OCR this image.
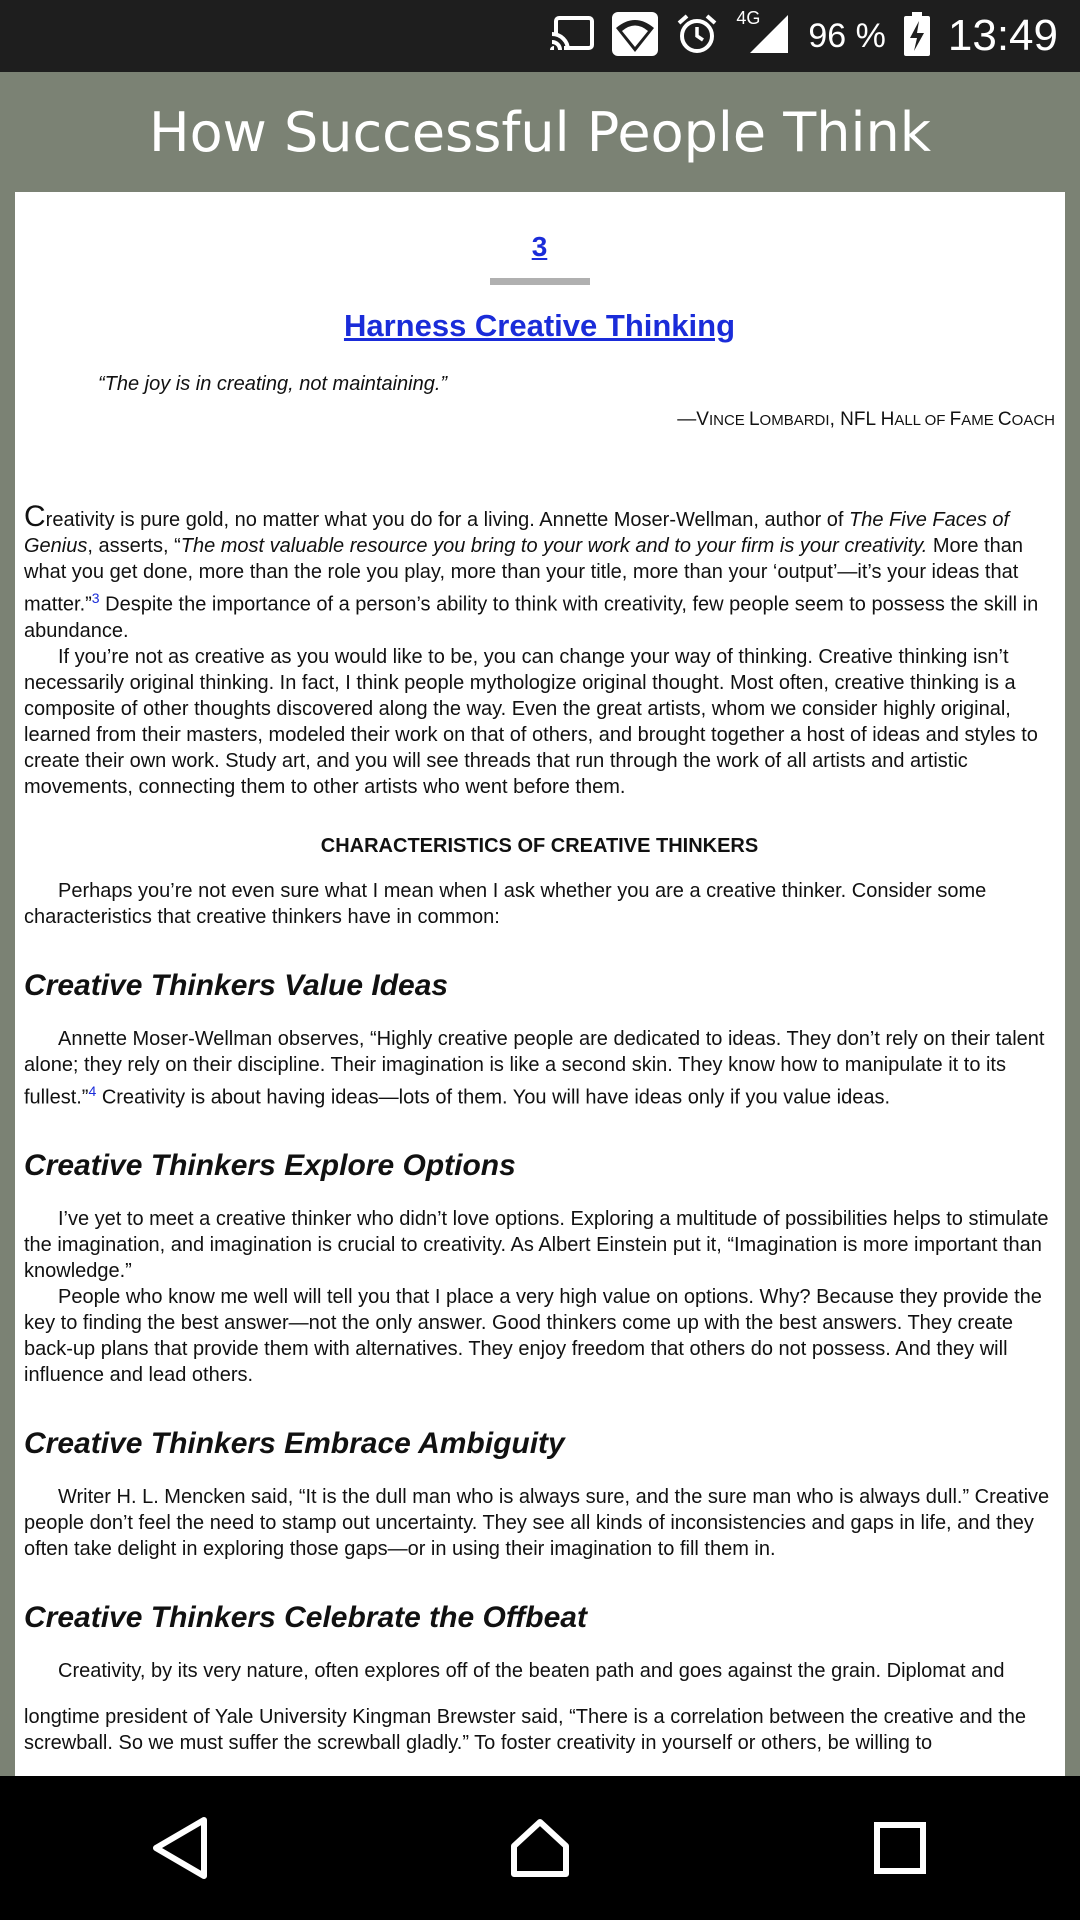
4G 96 % 13:49
How Successful People Think
3
Harness Creative Thinking
“The joy is in creating, not maintaining.”
—VINCE LOMBARDI, NFL HALL OF FAME COACH

Creativity is pure gold, no matter what you do for a living. Annette Moser-Wellman, author of The Five Faces of Genius, asserts, “The most valuable resource you bring to your work and to your firm is your creativity. More than what you get done, more than the role you play, more than your title, more than your ‘output’—it’s your ideas that matter.”$^3$ Despite the importance of a person’s ability to think with creativity, few people seem to possess the skill in abundance.

If you’re not as creative as you would like to be, you can change your way of thinking. Creative thinking isn’t necessarily original thinking. In fact, I think people mythologize original thought. Most often, creative thinking is a composite of other thoughts discovered along the way. Even the great artists, whom we consider highly original, learned from their masters, modeled their work on that of others, and brought together a host of ideas and styles to create their own work. Study art, and you will see threads that run through the work of all artists and artistic movements, connecting them to other artists who went before them.

CHARACTERISTICS OF CREATIVE THINKERS

Perhaps you’re not even sure what I mean when I ask whether you are a creative thinker. Consider some characteristics that creative thinkers have in common:

Creative Thinkers Value Ideas

Annette Moser-Wellman observes, “Highly creative people are dedicated to ideas. They don’t rely on their talent alone; they rely on their discipline. Their imagination is like a second skin. They know how to manipulate it to its fullest.”$^4$ Creativity is about having ideas—lots of them. You will have ideas only if you value ideas.

Creative Thinkers Explore Options

I’ve yet to meet a creative thinker who didn’t love options. Exploring a multitude of possibilities helps to stimulate the imagination, and imagination is crucial to creativity. As Albert Einstein put it, “Imagination is more important than knowledge.”

People who know me well will tell you that I place a very high value on options. Why? Because they provide the key to finding the best answer—not the only answer. Good thinkers come up with the best answers. They create back-up plans that provide them with alternatives. They enjoy freedom that others do not possess. And they will influence and lead others.

Creative Thinkers Embrace Ambiguity

Writer H. L. Mencken said, “It is the dull man who is always sure, and the sure man who is always dull.” Creative people don’t feel the need to stamp out uncertainty. They see all kinds of inconsistencies and gaps in life, and they often take delight in exploring those gaps—or in using their imagination to fill them in.

Creative Thinkers Celebrate the Offbeat

Creativity, by its very nature, often explores off of the beaten path and goes against the grain. Diplomat and

longtime president of Yale University Kingman Brewster said, “There is a correlation between the creative and the screwball. So we must suffer the screwball gladly.” To foster creativity in yourself or others, be willing to
